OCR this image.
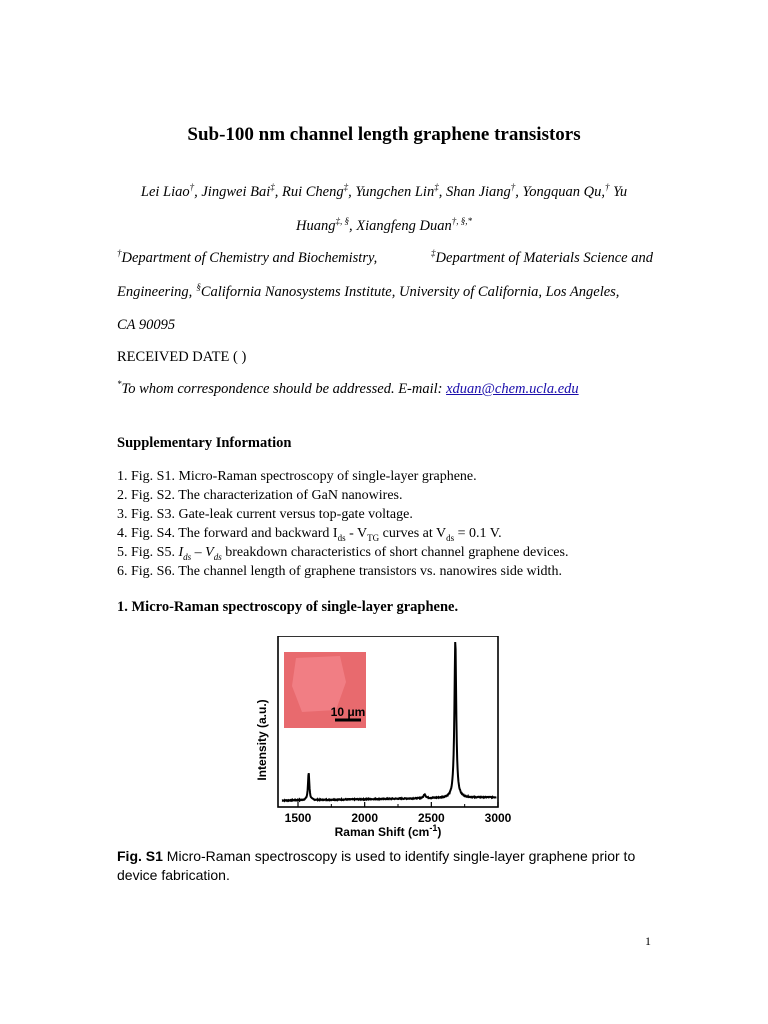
Sub-100 nm channel length graphene transistors
Lei Liao†, Jingwei Bai‡, Rui Cheng‡, Yungchen Lin‡, Shan Jiang†, Yongquan Qu,† Yu
Huang‡, §, Xiangfeng Duan†, §,*
†Department of Chemistry and Biochemistry,	‡Department of Materials Science and
Engineering, §California Nanosystems Institute, University of California, Los Angeles,
CA 90095
RECEIVED DATE ( )
*To whom correspondence should be addressed. E-mail: xduan@chem.ucla.edu
Supplementary Information
1. Fig. S1. Micro-Raman spectroscopy of single-layer graphene.
2. Fig. S2. The characterization of GaN nanowires.
3. Fig. S3. Gate-leak current versus top-gate voltage.
4. Fig. S4. The forward and backward $I_{ds} - V_{TG}$ curves at $V_{ds} = 0.1$ V.
5. Fig. S5. $I_{ds} - V_{ds}$ breakdown characteristics of short channel graphene devices.
6. Fig. S6. The channel length of graphene transistors vs. nanowires side width.
1. Micro-Raman spectroscopy of single-layer graphene.
1500	2000	2500	3000
10 μm
Intensity (a.u.)
Raman Shift $(cm^{-1})$
Fig. S1 Micro-Raman spectroscopy is used to identify single-layer graphene prior to device fabrication.
1
